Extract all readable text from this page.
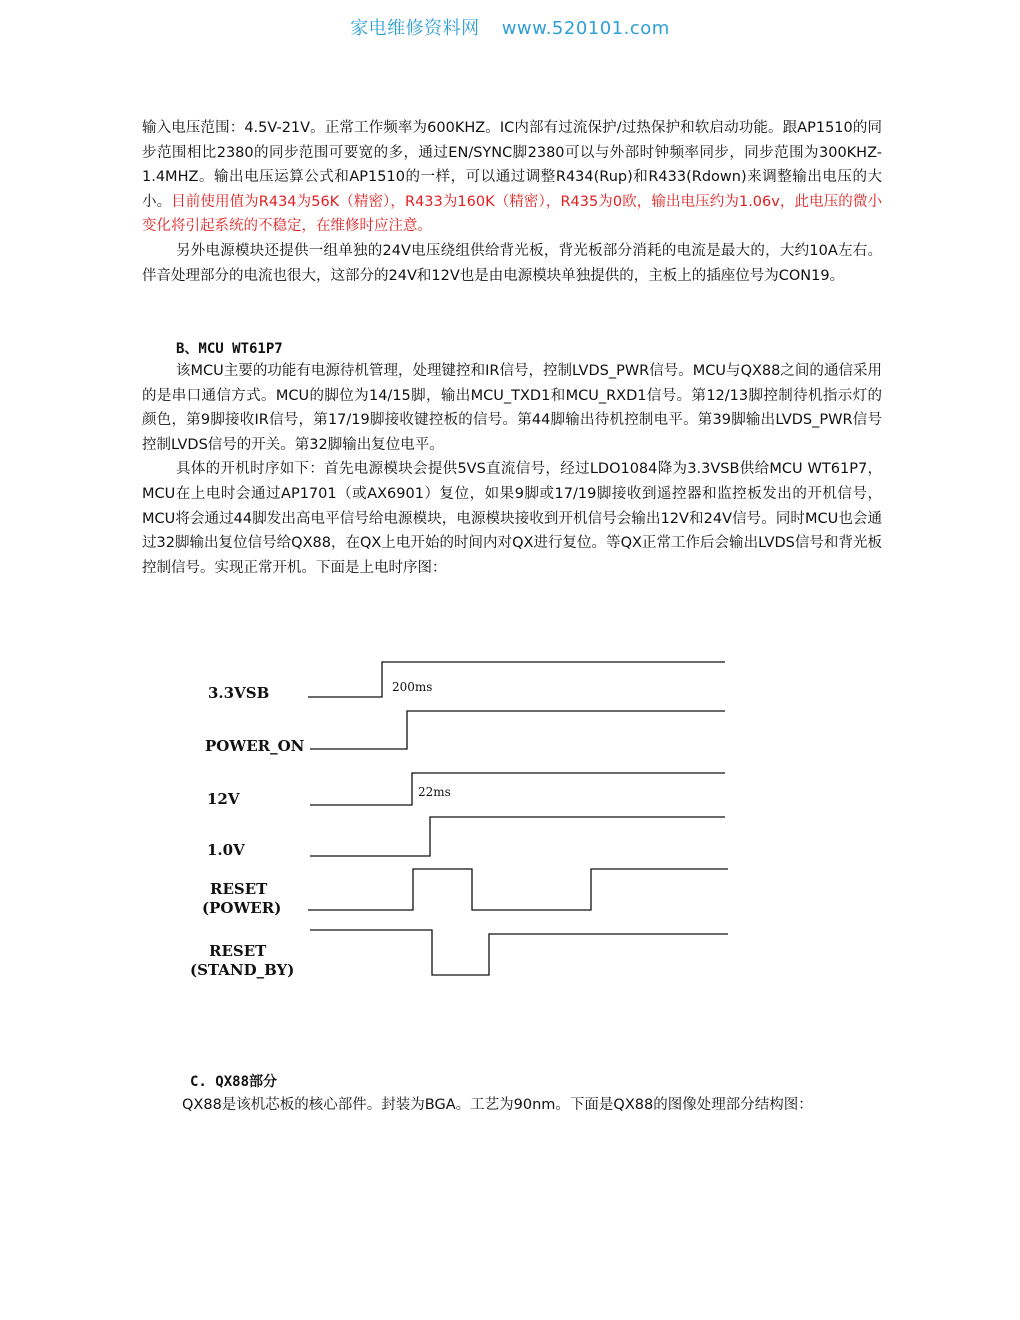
家电维修资料网 www.520101.com

输入电压范围：4.5V-21V。正常工作频率为600KHZ。IC内部有过流保护/过热保护和软启动功能。跟AP1510的同步范围相比2380的同步范围可要宽的多，通过EN/SYNC脚2380可以与外部时钟频率同步，同步范围为300KHZ-1.4MHZ。输出电压运算公式和AP1510的一样，可以通过调整R434(Rup)和R433(Rdown)来调整输出电压的大小。目前使用值为R434为56K（精密），R433为160K（精密），R435为0欧，输出电压约为1.06v，此电压的微小变化将引起系统的不稳定，在维修时应注意。

另外电源模块还提供一组单独的24V电压绕组供给背光板，背光板部分消耗的电流是最大的，大约10A左右。伴音处理部分的电流也很大，这部分的24V和12V也是由电源模块单独提供的，主板上的插座位号为CON19。

B、MCU WT61P7

该MCU主要的功能有电源待机管理，处理键控和IR信号，控制LVDS_PWR信号。MCU与QX88之间的通信采用的是串口通信方式。MCU的脚位为14/15脚，输出MCU_TXD1和MCU_RXD1信号。第12/13脚控制待机指示灯的颜色，第9脚接收IR信号，第17/19脚接收键控板的信号。第44脚输出待机控制电平。第39脚输出LVDS_PWR信号控制LVDS信号的开关。第32脚输出复位电平。

具体的开机时序如下：首先电源模块会提供5VS直流信号，经过LDO1084降为3.3VSB供给MCU WT61P7，MCU在上电时会通过AP1701（或AX6901）复位，如果9脚或17/19脚接收到遥控器和监控板发出的开机信号，MCU将会通过44脚发出高电平信号给电源模块，电源模块接收到开机信号会输出12V和24V信号。同时MCU也会通过32脚输出复位信号给QX88，在QX上电开始的时间内对QX进行复位。等QX正常工作后会输出LVDS信号和背光板控制信号。实现正常开机。下面是上电时序图：

3.3VSB
POWER_ON
12V
1.0V
RESET
(POWER)
RESET
(STAND_BY)
200ms
22ms
C. QX88部分

QX88是该机芯板的核心部件。封装为BGA。工艺为90nm。下面是QX88的图像处理部分结构图：
